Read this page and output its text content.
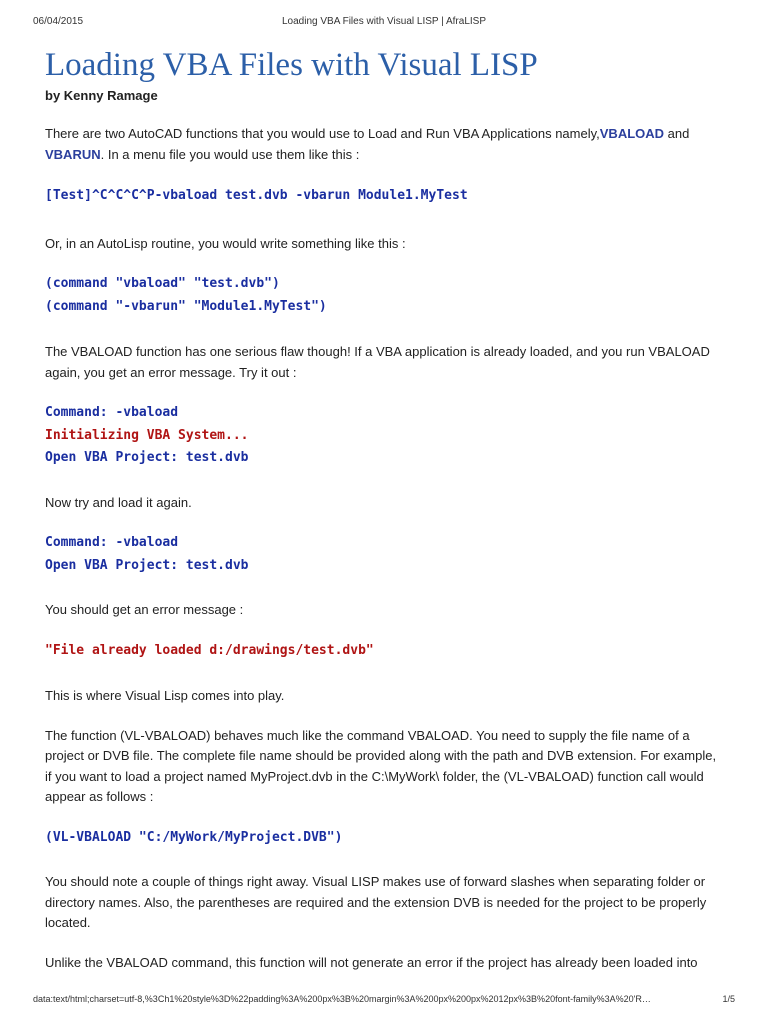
06/04/2015	Loading VBA Files with Visual LISP | AfraLISP
Loading VBA Files with Visual LISP

by Kenny Ramage

There are two AutoCAD functions that you would use to Load and Run VBA Applications namely,VBALOAD and VBARUN. In a menu file you would use them like this :

[Test]^C^C^C^P-vbaload test.dvb -vbarun Module1.MyTest

Or, in an AutoLisp routine, you would write something like this :

(command "vbaload" "test.dvb")
(command "-vbarun" "Module1.MyTest")

The VBALOAD function has one serious flaw though! If a VBA application is already loaded, and you run VBALOAD again, you get an error message. Try it out :

Command: -vbaload
Initializing VBA System...
Open VBA Project: test.dvb

Now try and load it again.

Command: -vbaload
Open VBA Project: test.dvb

You should get an error message :

"File already loaded d:/drawings/test.dvb"

This is where Visual Lisp comes into play.

The function (VL-VBALOAD) behaves much like the command VBALOAD. You need to supply the file name of a project or DVB file. The complete file name should be provided along with the path and DVB extension. For example, if you want to load a project named MyProject.dvb in the C:\MyWork\ folder, the (VL-VBALOAD) function call would appear as follows :

(VL-VBALOAD "C:/MyWork/MyProject.DVB")

You should note a couple of things right away. Visual LISP makes use of forward slashes when separating folder or directory names. Also, the parentheses are required and the extension DVB is needed for the project to be properly located.

Unlike the VBALOAD command, this function will not generate an error if the project has already been loaded into

data:text/html;charset=utf-8,%3Ch1%20style%3D%22padding%3A%200px%3B%20margin%3A%200px%200px%2012px%3B%20font-family%3A%20'R…	1/5
